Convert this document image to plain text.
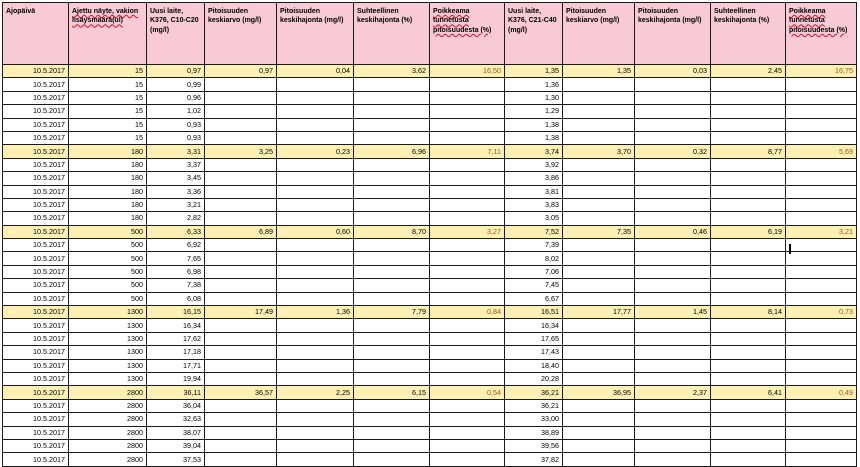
Ajopäivä	Ajettu näyte, vakion lisäysmäärä(ul)	Uusi laite, K376, C10-C20 (mg/l)	Pitoisuuden keskiarvo (mg/l)	Pitoisuuden keskihajonta (mg/l)	Suhteellinen keskihajonta (%)	Poikkeama tunnetusta pitoisuudesta (%)	Uusi laite, K376, C21-C40 (mg/l)	Pitoisuuden keskiarvo (mg/l)	Pitoisuuden keskihajonta (mg/l)	Suhteellinen keskihajonta (%)	Poikkeama tunnetusta pitoisuudesta (%)
10.5.2017	15	0,97	0,97	0,04	3,62	16,50	1,35	1,35	0,03	2,45	16,75
10.5.2017	15	0,99					1,36				
10.5.2017	15	0,96					1,30				
10.5.2017	15	1,02					1,29				
10.5.2017	15	0,93					1,38				
10.5.2017	15	0,93					1,38				
10.5.2017	180	3,31	3,25	0,23	6,96	7,11	3,74	3,70	0,32	8,77	5,69
10.5.2017	180	3,37					3,92				
10.5.2017	180	3,45					3,86				
10.5.2017	180	3,36					3,81				
10.5.2017	180	3,21					3,83				
10.5.2017	180	2,82					3,05				
10.5.2017	500	6,33	6,89	0,60	8,70	3,27	7,52	7,35	0,46	6,19	3,21
10.5.2017	500	6,92					7,39				
10.5.2017	500	7,65					8,02				
10.5.2017	500	6,98					7,06				
10.5.2017	500	7,38					7,45				
10.5.2017	500	6,08					6,67				
10.5.2017	1300	16,15	17,49	1,36	7,79	0,84	16,51	17,77	1,45	8,14	0,73
10.5.2017	1300	16,34					16,34				
10.5.2017	1300	17,62					17,65				
10.5.2017	1300	17,18					17,43				
10.5.2017	1300	17,71					18,40				
10.5.2017	1300	19,94					20,28				
10.5.2017	2800	36,11	36,57	2,25	6,15	0,54	36,21	36,95	2,37	6,41	0,49
10.5.2017	2800	36,04					36,21				
10.5.2017	2800	32,63					33,00				
10.5.2017	2800	38,07					38,89				
10.5.2017	2800	39,04					39,56				
10.5.2017	2800	37,53					37,82				
